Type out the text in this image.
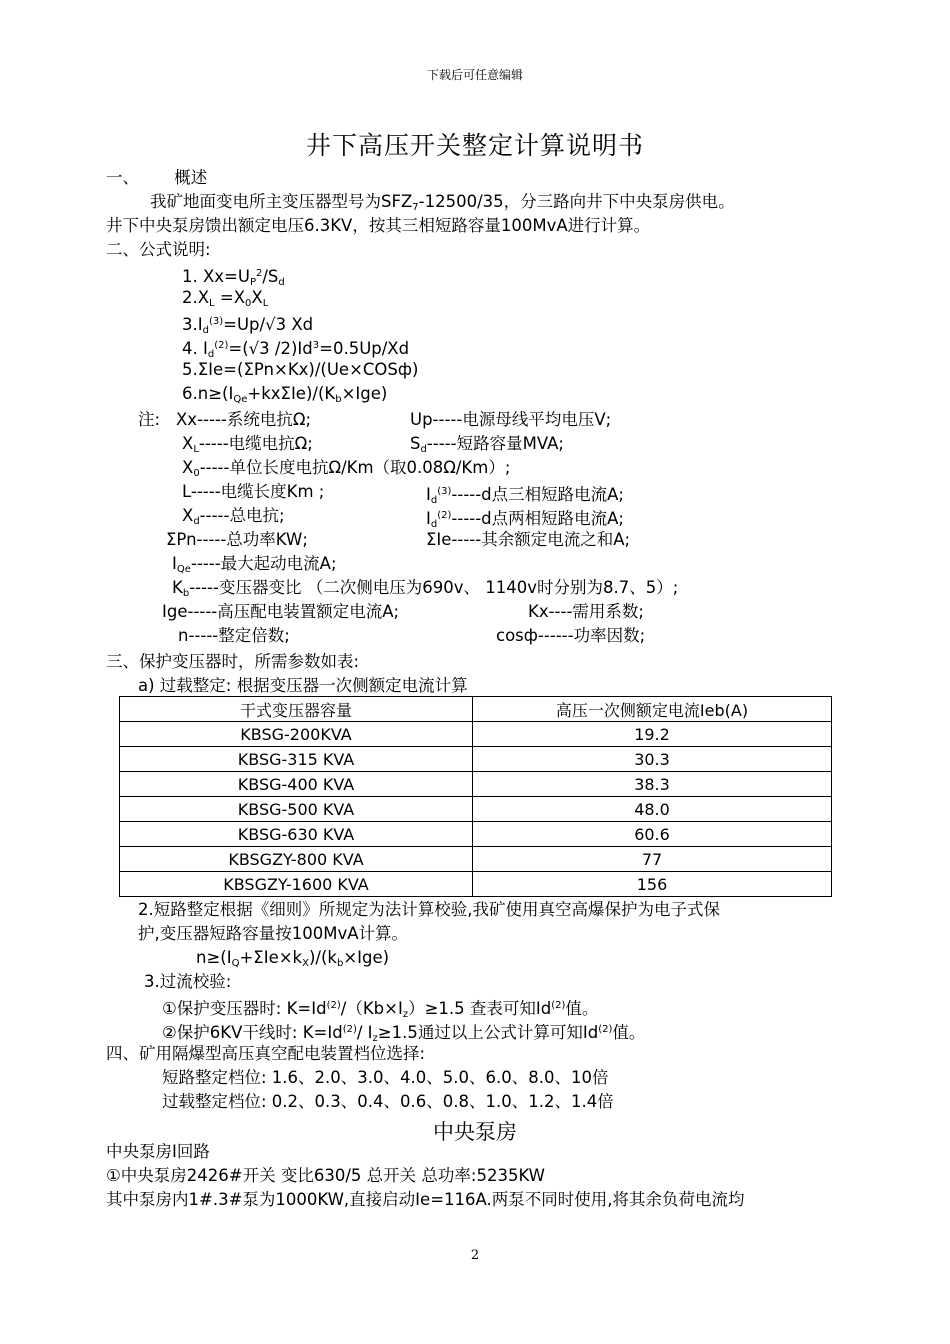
下载后可任意编辑
井下高压开关整定计算说明书
一、 概述
我矿地面变电所主变压器型号为$SFZ_7-12500/35$，分三路向井下中央泵房供电。
井下中央泵房馈出额定电压6.3KV，按其三相短路容量100MvA进行计算。
二、公式说明:
1. $Xx=U_P^2/S_d$
$2.X_L =X_0X_L$
$3.I_d^{(3)}=Up/√3$ Xd
4. $I_d^{(2)}=(√3$ $/2)Id^3=0.5Up/Xd$
5.ΣIe=(ΣPn×Kx)/(Ue×COSф)
$6.n\ge(I_{Qe}+kx\Sigma Ie)/(K_b\times Ige)$
注: Xx-----系统电抗Ω;	Up-----电源母线平均电压V;
$X_L-----$电缆电抗Ω;	$S_d-----$短路容量MVA;
$X_0-----$单位长度电抗Ω/Km（取0.08Ω/Km）;
L-----电缆长度Km ;	$I_d^{(3)}-----d$点三相短路电流A;
$X_d-----$总电抗;	$I_d^{(2)}-----d$点两相短路电流A;
ΣPn-----总功率KW;	ΣIe-----其余额定电流之和A;
$I_{Qe}-----$最大起动电流A;
$K_b-----$变压器变比 （二次侧电压为690v、 1140v时分别为8.7、5）;
Ige-----高压配电装置额定电流A;	Kx----需用系数;
n-----整定倍数;	cosф------功率因数;
三、保护变压器时，所需参数如表:
a) 过载整定: 根据变压器一次侧额定电流计算
干式变压器容量	高压一次侧额定电流Ieb(A)
KBSG-200KVA	19.2
KBSG-315 KVA	30.3
KBSG-400 KVA	38.3
KBSG-500 KVA	48.0
KBSG-630 KVA	60.6
KBSGZY-800 KVA	77
KBSGZY-1600 KVA	156
2.短路整定根据《细则》所规定为法计算校验,我矿使用真空高爆保护为电子式保
护,变压器短路容量按100MvA计算。
$n\ge(I_Q+\Sigma Ie\times k_X)/(k_b\times Ige)$
3.过流校验:
①保护变压器时: $K=Id^{(2)}/(Kb\times I_z)\ge 1.5$ 查表可知Id$^{(2)}$值。
②保护6KV干线时: $K=Id^{(2)}/$ $I_z\ge 1.5$通过以上公式计算可知Id$^{(2)}$值。
四、矿用隔爆型高压真空配电装置档位选择:
短路整定档位: 1.6、2.0、3.0、4.0、5.0、6.0、8.0、10倍
过载整定档位: 0.2、0.3、0.4、0.6、0.8、1.0、1.2、1.4倍
中央泵房
中央泵房Ⅰ回路
①中央泵房2426#开关 变比630/5 总开关 总功率:5235KW
其中泵房内1#.3#泵为1000KW,直接启动Ie=116A.两泵不同时使用,将其余负荷电流均
2
